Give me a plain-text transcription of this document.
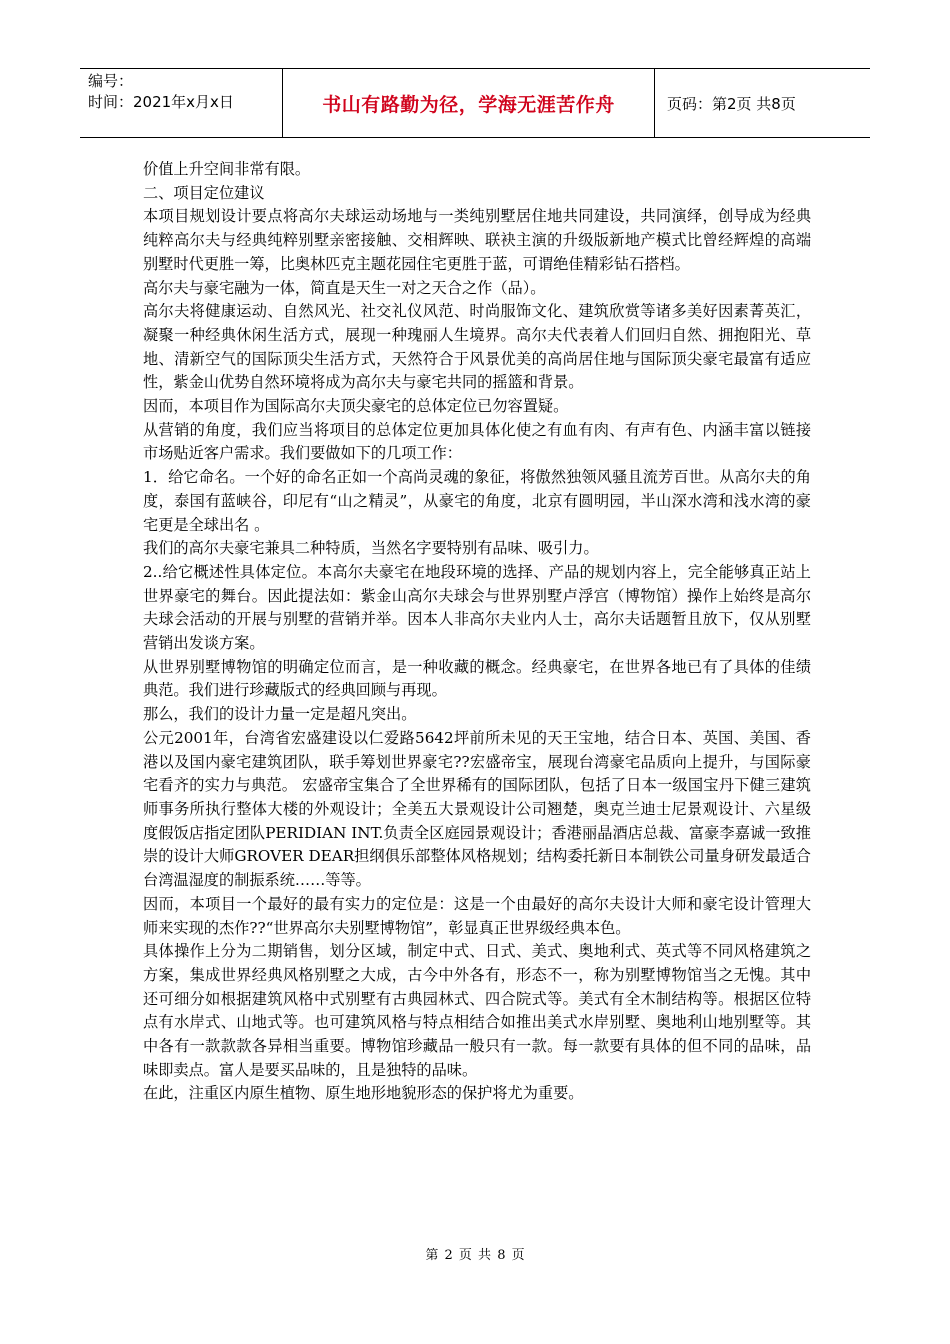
编号：
时间：2021年x月x日	书山有路勤为径，学海无涯苦作舟	页码：第2页 共8页

价值上升空间非常有限。

二、项目定位建议

本项目规划设计要点将高尔夫球运动场地与一类纯别墅居住地共同建设，共同演绎，创导成为经典纯粹高尔夫与经典纯粹别墅亲密接触、交相辉映、联袂主演的升级版新地产模式比曾经辉煌的高端别墅时代更胜一筹，比奥林匹克主题花园住宅更胜于蓝，可谓绝佳精彩钻石搭档。

高尔夫与豪宅融为一体，简直是天生一对之天合之作（品）。

高尔夫将健康运动、自然风光、社交礼仪风范、时尚服饰文化、建筑欣赏等诸多美好因素菁英汇，凝聚一种经典休闲生活方式，展现一种瑰丽人生境界。高尔夫代表着人们回归自然、拥抱阳光、草地、清新空气的国际顶尖生活方式，天然符合于风景优美的高尚居住地与国际顶尖豪宅最富有适应性，紫金山优势自然环境将成为高尔夫与豪宅共同的摇篮和背景。

因而，本项目作为国际高尔夫顶尖豪宅的总体定位已勿容置疑。

从营销的角度，我们应当将项目的总体定位更加具体化使之有血有肉、有声有色、内涵丰富以链接市场贴近客户需求。我们要做如下的几项工作：

1．给它命名。一个好的命名正如一个高尚灵魂的象征，将傲然独领风骚且流芳百世。从高尔夫的角度，泰国有蓝峡谷，印尼有“山之精灵”，从豪宅的角度，北京有圆明园，半山深水湾和浅水湾的豪宅更是全球出名 。

我们的高尔夫豪宅兼具二种特质，当然名字要特别有品味、吸引力。

2..给它概述性具体定位。本高尔夫豪宅在地段环境的选择、产品的规划内容上，完全能够真正站上世界豪宅的舞台。因此提法如：紫金山高尔夫球会与世界别墅卢浮宫（博物馆）操作上始终是高尔夫球会活动的开展与别墅的营销并举。因本人非高尔夫业内人士，高尔夫话题暂且放下，仅从别墅营销出发谈方案。

从世界别墅博物馆的明确定位而言，是一种收藏的概念。经典豪宅，在世界各地已有了具体的佳绩典范。我们进行珍藏版式的经典回顾与再现。

那么，我们的设计力量一定是超凡突出。

公元2001年，台湾省宏盛建设以仁爱路5642坪前所未见的天王宝地，结合日本、英国、美国、香港以及国内豪宅建筑团队，联手筹划世界豪宅??宏盛帝宝，展现台湾豪宅品质向上提升，与国际豪宅看齐的实力与典范。 宏盛帝宝集合了全世界稀有的国际团队，包括了日本一级国宝丹下健三建筑师事务所执行整体大楼的外观设计；全美五大景观设计公司翘楚，奥克兰迪士尼景观设计、六星级度假饭店指定团队PERIDIAN INT.负责全区庭园景观设计；香港丽晶酒店总裁、富豪李嘉诚一致推崇的设计大师GROVER DEAR担纲俱乐部整体风格规划；结构委托新日本制铁公司量身研发最适合台湾温湿度的制振系统……等等。

因而，本项目一个最好的最有实力的定位是：这是一个由最好的高尔夫设计大师和豪宅设计管理大师来实现的杰作??“世界高尔夫别墅博物馆”，彰显真正世界级经典本色。

具体操作上分为二期销售，划分区域，制定中式、日式、美式、奥地利式、英式等不同风格建筑之方案，集成世界经典风格别墅之大成，古今中外各有，形态不一，称为别墅博物馆当之无愧。其中还可细分如根据建筑风格中式别墅有古典园林式、四合院式等。美式有全木制结构等。根据区位特点有水岸式、山地式等。也可建筑风格与特点相结合如推出美式水岸别墅、奥地利山地别墅等。其中各有一款款款各异相当重要。博物馆珍藏品一般只有一款。每一款要有具体的但不同的品味，品味即卖点。富人是要买品味的，且是独特的品味。

在此，注重区内原生植物、原生地形地貌形态的保护将尤为重要。

第 2 页 共 8 页
